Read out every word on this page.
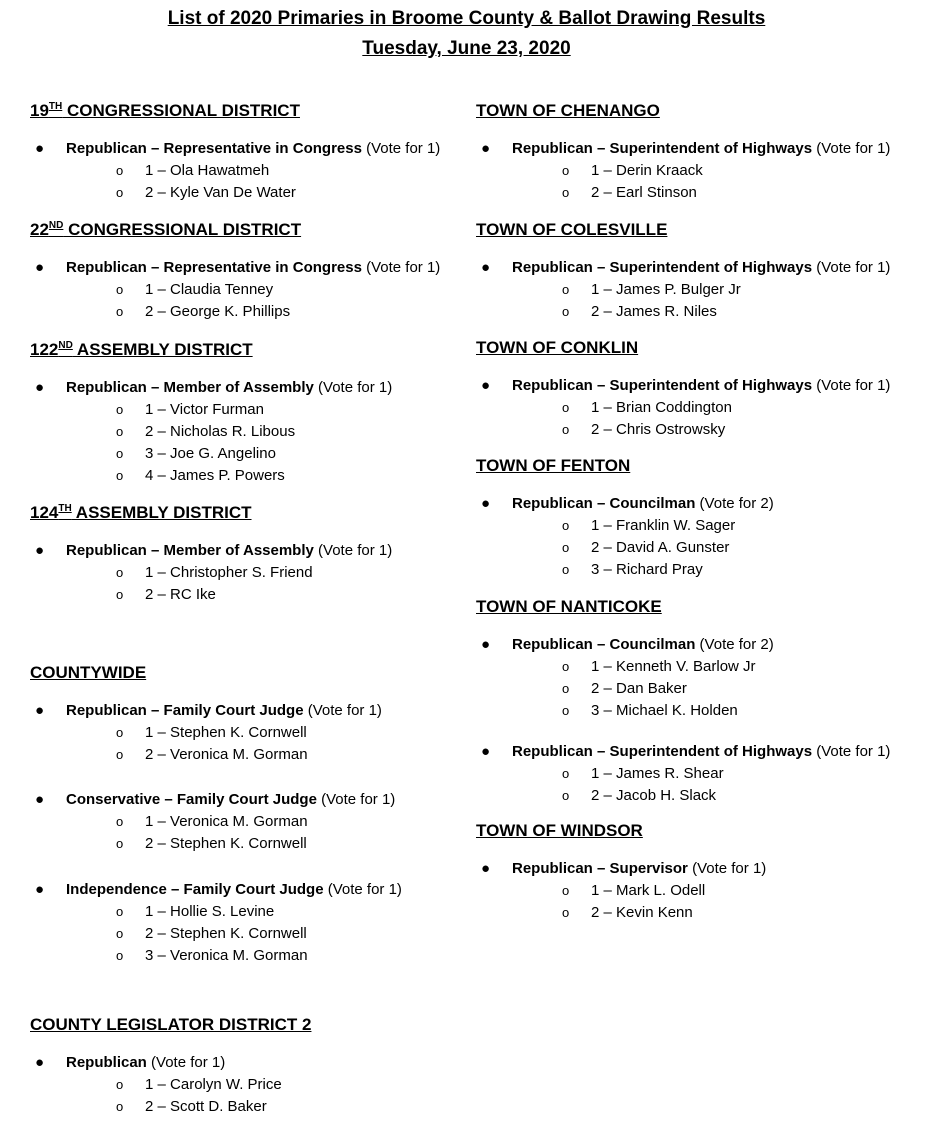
List of 2020 Primaries in Broome County & Ballot Drawing Results
Tuesday, June 23, 2020
19TH CONGRESSIONAL DISTRICT
● Republican – Representative in Congress (Vote for 1)
o 1 – Ola Hawatmeh
o 2 – Kyle Van De Water
22ND CONGRESSIONAL DISTRICT
● Republican – Representative in Congress (Vote for 1)
o 1 – Claudia Tenney
o 2 – George K. Phillips
122ND ASSEMBLY DISTRICT
● Republican – Member of Assembly (Vote for 1)
o 1 – Victor Furman
o 2 – Nicholas R. Libous
o 3 – Joe G. Angelino
o 4 – James P. Powers
124TH ASSEMBLY DISTRICT
● Republican – Member of Assembly (Vote for 1)
o 1 – Christopher S. Friend
o 2 – RC Ike
COUNTYWIDE
● Republican – Family Court Judge (Vote for 1)
o 1 – Stephen K. Cornwell
o 2 – Veronica M. Gorman
● Conservative – Family Court Judge (Vote for 1)
o 1 – Veronica M. Gorman
o 2 – Stephen K. Cornwell
● Independence – Family Court Judge (Vote for 1)
o 1 – Hollie S. Levine
o 2 – Stephen K. Cornwell
o 3 – Veronica M. Gorman
COUNTY LEGISLATOR DISTRICT 2
● Republican (Vote for 1)
o 1 – Carolyn W. Price
o 2 – Scott D. Baker
TOWN OF CHENANGO
● Republican – Superintendent of Highways (Vote for 1)
o 1 – Derin Kraack
o 2 – Earl Stinson
TOWN OF COLESVILLE
● Republican – Superintendent of Highways (Vote for 1)
o 1 – James P. Bulger Jr
o 2 – James R. Niles
TOWN OF CONKLIN
● Republican – Superintendent of Highways (Vote for 1)
o 1 – Brian Coddington
o 2 – Chris Ostrowsky
TOWN OF FENTON
● Republican – Councilman (Vote for 2)
o 1 – Franklin W. Sager
o 2 – David A. Gunster
o 3 – Richard Pray
TOWN OF NANTICOKE
● Republican – Councilman (Vote for 2)
o 1 – Kenneth V. Barlow Jr
o 2 – Dan Baker
o 3 – Michael K. Holden
● Republican – Superintendent of Highways (Vote for 1)
o 1 – James R. Shear
o 2 – Jacob H. Slack
TOWN OF WINDSOR
● Republican – Supervisor (Vote for 1)
o 1 – Mark L. Odell
o 2 – Kevin Kenn
